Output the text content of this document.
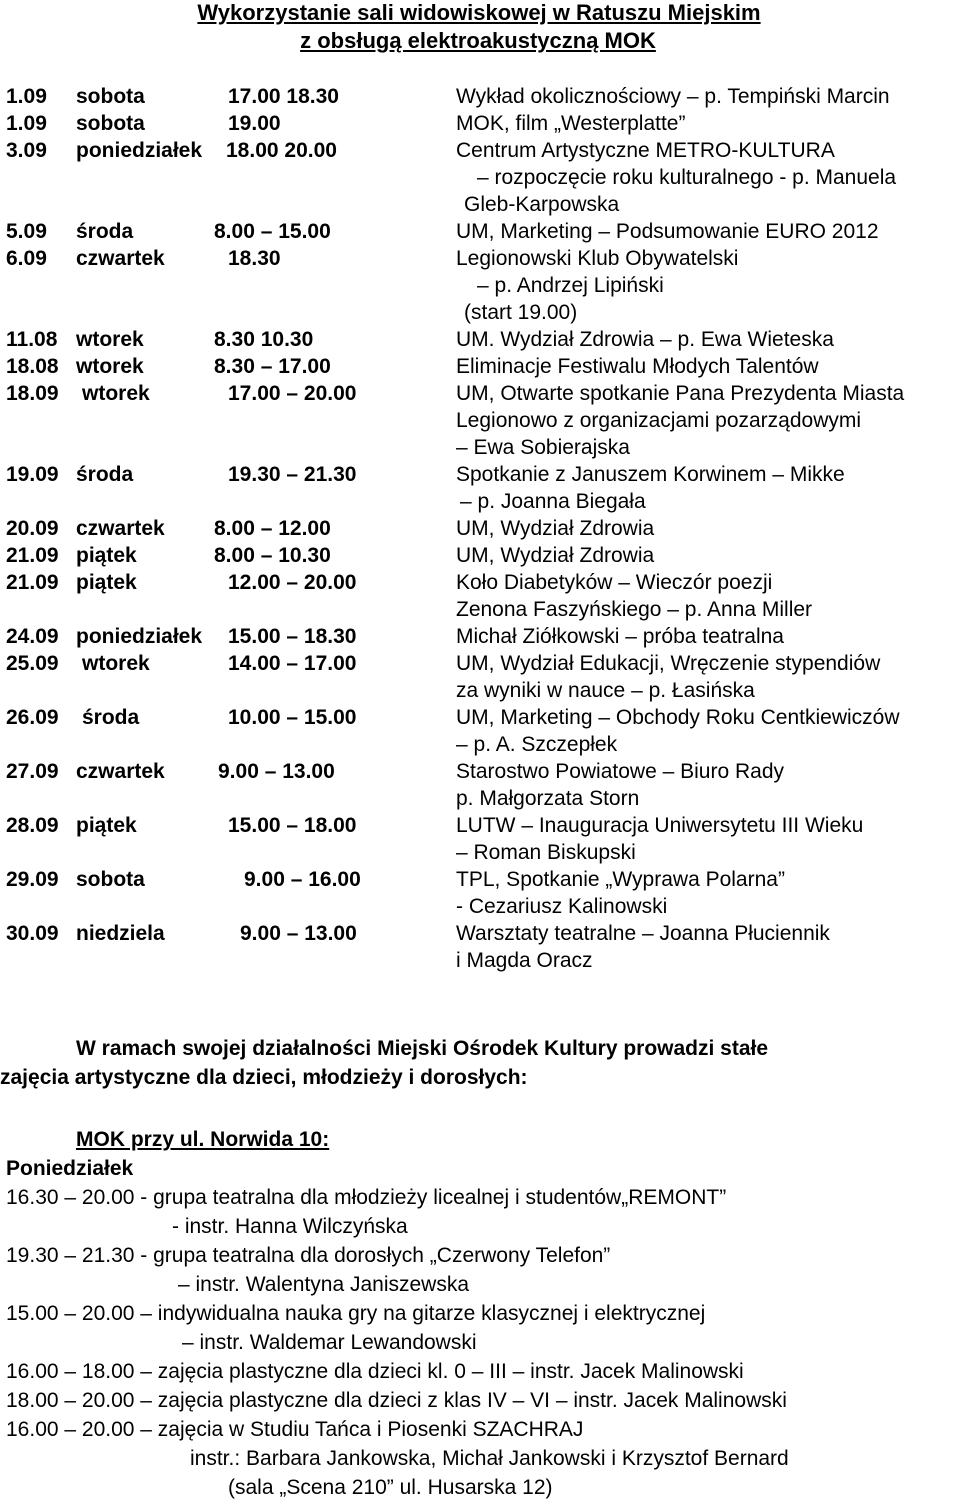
Wykorzystanie sali widowiskowej w Ratuszu Miejskim
z obsługą elektroakustyczną MOK
1.09 sobota	17.00 18.30	Wykład okolicznościowy – p. Tempiński Marcin
1.09 sobota	19.00	MOK, film „Westerplatte”
3.09 poniedziałek 18.00 20.00	Centrum Artystyczne METRO-KULTURA
– rozpoczęcie roku kulturalnego - p. Manuela
Gleb-Karpowska
5.09 środa	8.00 – 15.00	UM, Marketing – Podsumowanie EURO 2012
6.09 czwartek	18.30	Legionowski Klub Obywatelski
– p. Andrzej Lipiński
(start 19.00)
11.08 wtorek	8.30 10.30	UM. Wydział Zdrowia – p. Ewa Wieteska
18.08 wtorek	8.30 – 17.00	Eliminacje Festiwalu Młodych Talentów
18.09 wtorek	17.00 – 20.00	UM, Otwarte spotkanie Pana Prezydenta Miasta
Legionowo z organizacjami pozarządowymi
– Ewa Sobierajska
19.09 środa	19.30 – 21.30	Spotkanie z Januszem Korwinem – Mikke
– p. Joanna Biegała
20.09 czwartek 8.00 – 12.00	UM, Wydział Zdrowia
21.09 piątek	8.00 – 10.30	UM, Wydział Zdrowia
21.09 piątek	12.00 – 20.00	Koło Diabetyków – Wieczór poezji
Zenona Faszyńskiego – p. Anna Miller
24.09 poniedziałek 15.00 – 18.30	Michał Ziółkowski – próba teatralna
25.09 wtorek	14.00 – 17.00	UM, Wydział Edukacji, Wręczenie stypendiów
za wyniki w nauce – p. Łasińska
26.09 środa	10.00 – 15.00	UM, Marketing – Obchody Roku Centkiewiczów
– p. A. Szczepłek
27.09 czwartek	9.00 – 13.00	Starostwo Powiatowe – Biuro Rady
p. Małgorzata Storn
28.09 piątek	15.00 – 18.00	LUTW – Inauguracja Uniwersytetu III Wieku
– Roman Biskupski
29.09 sobota	9.00 – 16.00	TPL, Spotkanie „Wyprawa Polarna”
- Cezariusz Kalinowski
30.09 niedziela	9.00 – 13.00	Warsztaty teatralne – Joanna Płuciennik
i Magda Oracz
W ramach swojej działalności Miejski Ośrodek Kultury prowadzi stałe
zajęcia artystyczne dla dzieci, młodzieży i dorosłych:
MOK przy ul. Norwida 10:
Poniedziałek
16.30 – 20.00 - grupa teatralna dla młodzieży licealnej i studentów„REMONT”
- instr. Hanna Wilczyńska
19.30 – 21.30 - grupa teatralna dla dorosłych „Czerwony Telefon”
– instr. Walentyna Janiszewska
15.00 – 20.00 – indywidualna nauka gry na gitarze klasycznej i elektrycznej
– instr. Waldemar Lewandowski
16.00 – 18.00 – zajęcia plastyczne dla dzieci kl. 0 – III – instr. Jacek Malinowski
18.00 – 20.00 – zajęcia plastyczne dla dzieci z klas IV – VI – instr. Jacek Malinowski
16.00 – 20.00 – zajęcia w Studiu Tańca i Piosenki SZACHRAJ
instr.: Barbara Jankowska, Michał Jankowski i Krzysztof Bernard
(sala „Scena 210” ul. Husarska 12)
